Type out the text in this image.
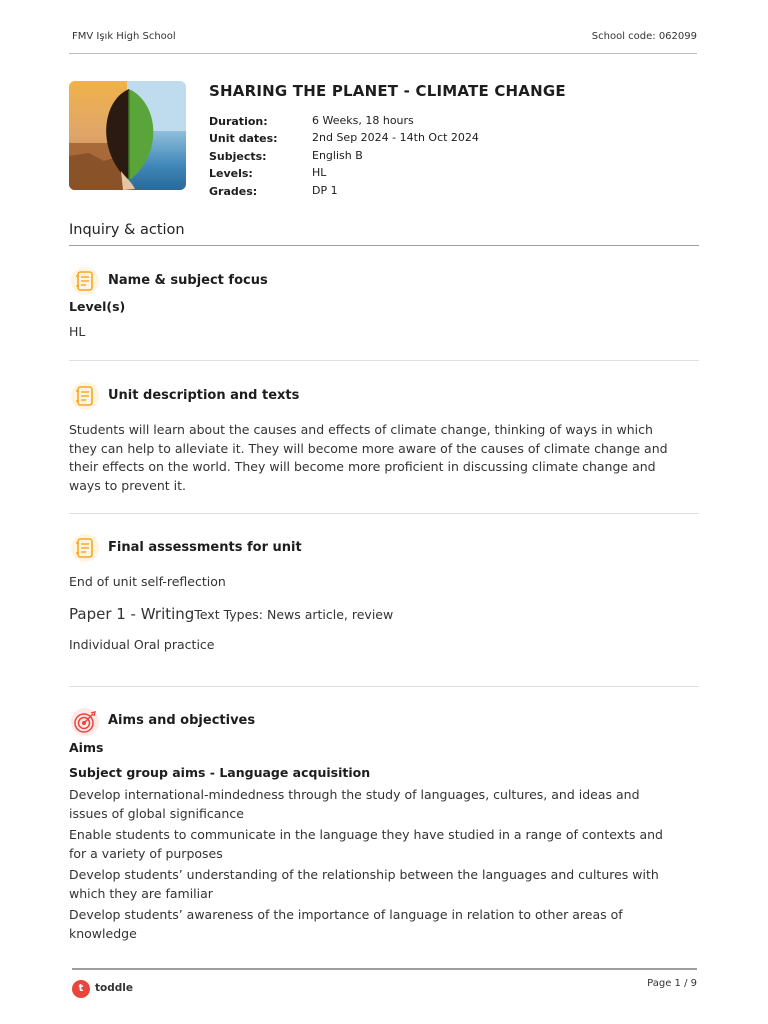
FMV Işık High School	School code: 062099
SHARING THE PLANET - CLIMATE CHANGE
Duration:	6 Weeks, 18 hours
Unit dates:	2nd Sep 2024 - 14th Oct 2024
Subjects:	English B
Levels:	HL
Grades:	DP 1
Inquiry & action
Name & subject focus
Level(s)
HL
Unit description and texts
Students will learn about the causes and effects of climate change, thinking of ways in which
they can help to alleviate it. They will become more aware of the causes of climate change and
their effects on the world. They will become more proficient in discussing climate change and
ways to prevent it.
Final assessments for unit
End of unit self-reflection
Paper 1 - WritingText Types: News article, review
Individual Oral practice
Aims and objectives
Aims
Subject group aims - Language acquisition
Develop international-mindedness through the study of languages, cultures, and ideas and
issues of global significance
Enable students to communicate in the language they have studied in a range of contexts and
for a variety of purposes
Develop students’ understanding of the relationship between the languages and cultures with
which they are familiar
Develop students’ awareness of the importance of language in relation to other areas of
knowledge
t	toddle	Page 1 / 9
